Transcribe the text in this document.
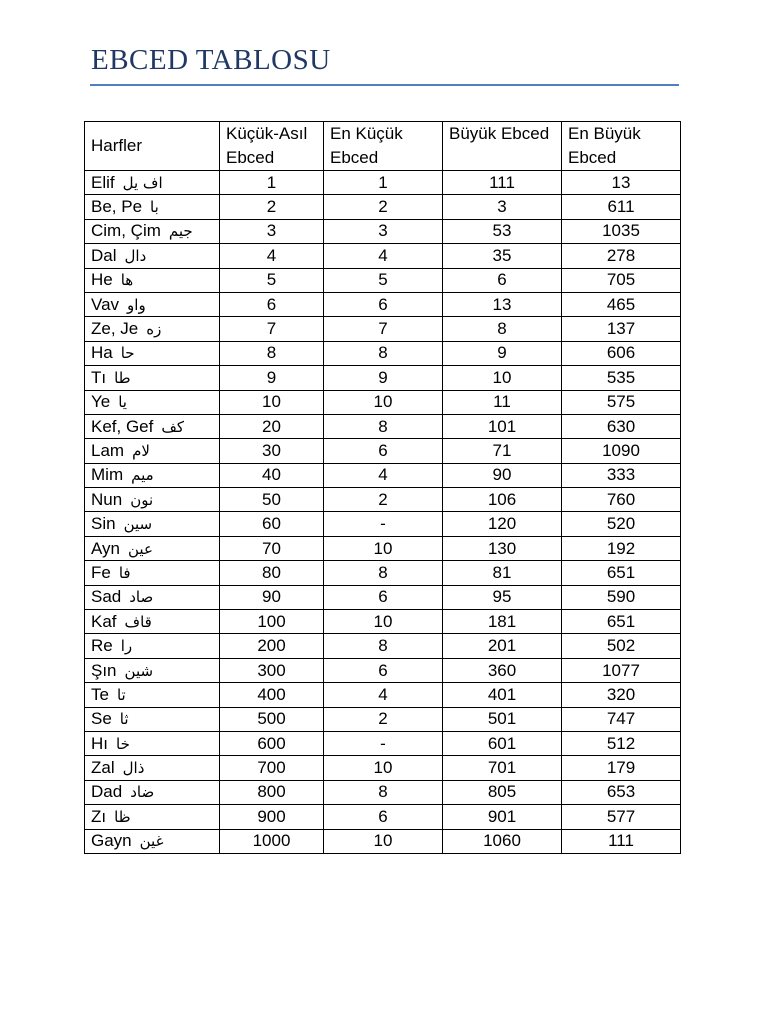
EBCED TABLOSU
Harfler	Küçük-Asıl Ebced	En Küçük Ebced	Büyük Ebced	En Büyük Ebced
Elif اف يل	1	1	111	13
Be, Pe با	2	2	3	611
Cim, Çim جيم	3	3	53	1035
Dal دال	4	4	35	278
He ها	5	5	6	705
Vav واو	6	6	13	465
Ze, Je زه	7	7	8	137
Ha حا	8	8	9	606
Tı طا	9	9	10	535
Ye يا	10	10	11	575
Kef, Gef كف	20	8	101	630
Lam لام	30	6	71	1090
Mim ميم	40	4	90	333
Nun نون	50	2	106	760
Sin سين	60	-	120	520
Ayn عين	70	10	130	192
Fe فا	80	8	81	651
Sad صاد	90	6	95	590
Kaf قاف	100	10	181	651
Re را	200	8	201	502
Şın شين	300	6	360	1077
Te تا	400	4	401	320
Se ثا	500	2	501	747
Hı خا	600	-	601	512
Zal ذال	700	10	701	179
Dad ضاد	800	8	805	653
Zı ظا	900	6	901	577
Gayn غين	1000	10	1060	111
